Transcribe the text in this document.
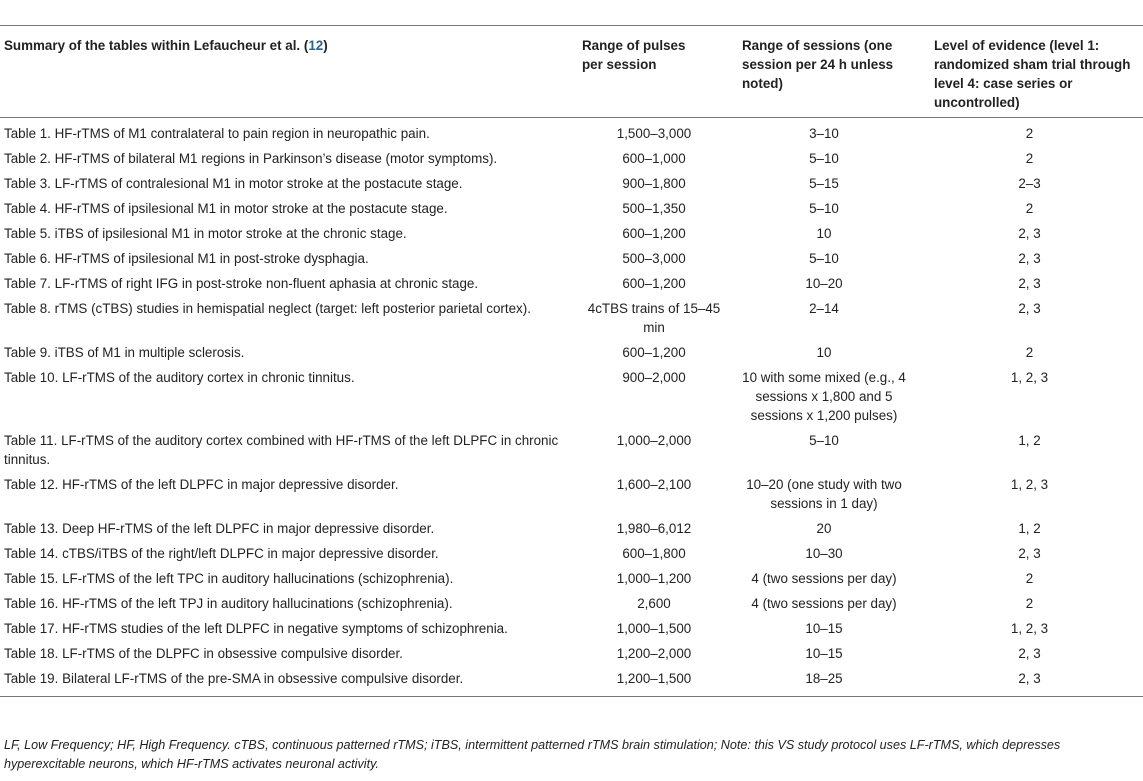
Summary of the tables within Lefaucheur et al. (12)	Range of pulses per session	Range of sessions (one session per 24 h unless noted)	Level of evidence (level 1: randomized sham trial through level 4: case series or uncontrolled)
Table 1. HF-rTMS of M1 contralateral to pain region in neuropathic pain.	1,500–3,000	3–10	2
Table 2. HF-rTMS of bilateral M1 regions in Parkinson’s disease (motor symptoms).	600–1,000	5–10	2
Table 3. LF-rTMS of contralesional M1 in motor stroke at the postacute stage.	900–1,800	5–15	2–3
Table 4. HF-rTMS of ipsilesional M1 in motor stroke at the postacute stage.	500–1,350	5–10	2
Table 5. iTBS of ipsilesional M1 in motor stroke at the chronic stage.	600–1,200	10	2, 3
Table 6. HF-rTMS of ipsilesional M1 in post-stroke dysphagia.	500–3,000	5–10	2, 3
Table 7. LF-rTMS of right IFG in post-stroke non-fluent aphasia at chronic stage.	600–1,200	10–20	2, 3
Table 8. rTMS (cTBS) studies in hemispatial neglect (target: left posterior parietal cortex).	4cTBS trains of 15–45 min	2–14	2, 3
Table 9. iTBS of M1 in multiple sclerosis.	600–1,200	10	2
Table 10. LF-rTMS of the auditory cortex in chronic tinnitus.	900–2,000	10 with some mixed (e.g., 4 sessions x 1,800 and 5 sessions x 1,200 pulses)	1, 2, 3
Table 11. LF-rTMS of the auditory cortex combined with HF-rTMS of the left DLPFC in chronic tinnitus.	1,000–2,000	5–10	1, 2
Table 12. HF-rTMS of the left DLPFC in major depressive disorder.	1,600–2,100	10–20 (one study with two sessions in 1 day)	1, 2, 3
Table 13. Deep HF-rTMS of the left DLPFC in major depressive disorder.	1,980–6,012	20	1, 2
Table 14. cTBS/iTBS of the right/left DLPFC in major depressive disorder.	600–1,800	10–30	2, 3
Table 15. LF-rTMS of the left TPC in auditory hallucinations (schizophrenia).	1,000–1,200	4 (two sessions per day)	2
Table 16. HF-rTMS of the left TPJ in auditory hallucinations (schizophrenia).	2,600	4 (two sessions per day)	2
Table 17. HF-rTMS studies of the left DLPFC in negative symptoms of schizophrenia.	1,000–1,500	10–15	1, 2, 3
Table 18. LF-rTMS of the DLPFC in obsessive compulsive disorder.	1,200–2,000	10–15	2, 3
Table 19. Bilateral LF-rTMS of the pre-SMA in obsessive compulsive disorder.	1,200–1,500	18–25	2, 3
LF, Low Frequency; HF, High Frequency. cTBS, continuous patterned rTMS; iTBS, intermittent patterned rTMS brain stimulation; Note: this VS study protocol uses LF-rTMS, which depresses hyperexcitable neurons, which HF-rTMS activates neuronal activity.
